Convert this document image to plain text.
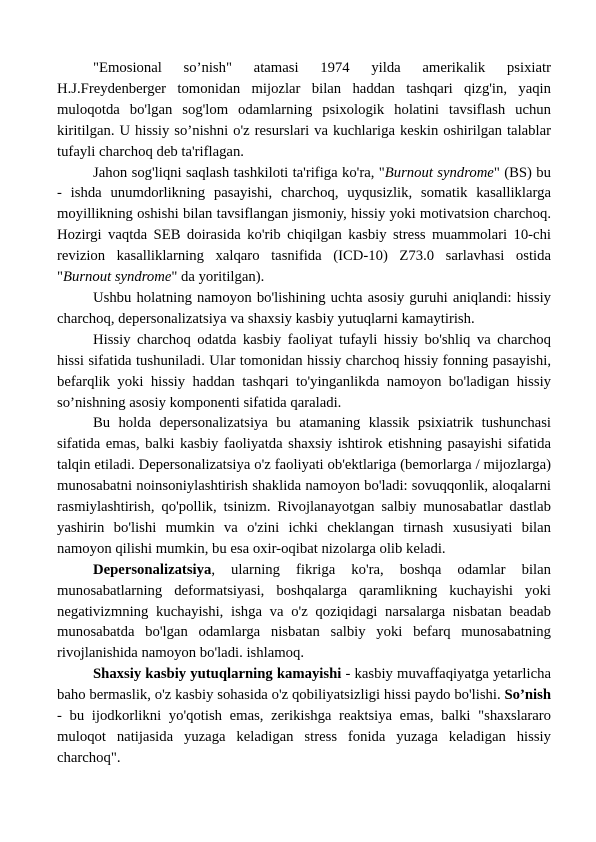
"Emosional so’nish" atamasi 1974 yilda amerikalik psixiatr H.J.Freydenberger tomonidan mijozlar bilan haddan tashqari qizg'in, yaqin muloqotda bo'lgan sog'lom odamlarning psixologik holatini tavsiflash uchun kiritilgan. U hissiy so’nishni o'z resurslari va kuchlariga keskin oshirilgan talablar tufayli charchoq deb ta'riflagan.

Jahon sog'liqni saqlash tashkiloti ta'rifiga ko'ra, "Burnout syndrome" (BS) bu - ishda unumdorlikning pasayishi, charchoq, uyqusizlik, somatik kasalliklarga moyillikning oshishi bilan tavsiflangan jismoniy, hissiy yoki motivatsion charchoq. Hozirgi vaqtda SEB doirasida ko'rib chiqilgan kasbiy stress muammolari 10-chi revizion kasalliklarning xalqaro tasnifida (ICD-10) Z73.0 sarlavhasi ostida "Burnout syndrome" da yoritilgan).

Ushbu holatning namoyon bo'lishining uchta asosiy guruhi aniqlandi: hissiy charchoq, depersonalizatsiya va shaxsiy kasbiy yutuqlarni kamaytirish.

Hissiy charchoq odatda kasbiy faoliyat tufayli hissiy bo'shliq va charchoq hissi sifatida tushuniladi. Ular tomonidan hissiy charchoq hissiy fonning pasayishi, befarqlik yoki hissiy haddan tashqari to'yinganlikda namoyon bo'ladigan hissiy so’nishning asosiy komponenti sifatida qaraladi.

Bu holda depersonalizatsiya bu atamaning klassik psixiatrik tushunchasi sifatida emas, balki kasbiy faoliyatda shaxsiy ishtirok etishning pasayishi sifatida talqin etiladi. Depersonalizatsiya o'z faoliyati ob'ektlariga (bemorlarga / mijozlarga) munosabatni noinsoniylashtirish shaklida namoyon bo'ladi: sovuqqonlik, aloqalarni rasmiylashtirish, qo'pollik, tsinizm. Rivojlanayotgan salbiy munosabatlar dastlab yashirin bo'lishi mumkin va o'zini ichki cheklangan tirnash xususiyati bilan namoyon qilishi mumkin, bu esa oxir-oqibat nizolarga olib keladi.

Depersonalizatsiya, ularning fikriga ko'ra, boshqa odamlar bilan munosabatlarning deformatsiyasi, boshqalarga qaramlikning kuchayishi yoki negativizmning kuchayishi, ishga va o'z qoziqidagi narsalarga nisbatan beadab munosabatda bo'lgan odamlarga nisbatan salbiy yoki befarq munosabatning rivojlanishida namoyon bo'ladi. ishlamoq.

Shaxsiy kasbiy yutuqlarning kamayishi - kasbiy muvaffaqiyatga yetarlicha baho bermaslik, o'z kasbiy sohasida o'z qobiliyatsizligi hissi paydo bo'lishi. So’nish - bu ijodkorlikni yo'qotish emas, zerikishga reaktsiya emas, balki "shaxslararo muloqot natijasida yuzaga keladigan stress fonida yuzaga keladigan hissiy charchoq".
